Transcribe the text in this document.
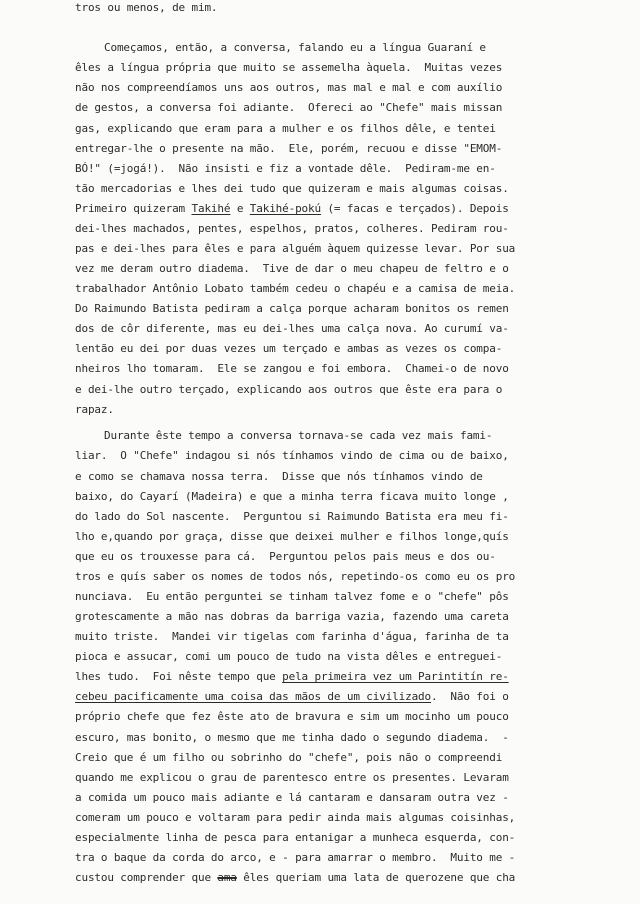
tros ou menos, de mim.
Começamos, então, a conversa, falando eu a língua Guaraní e
êles a língua própria que muito se assemelha àquela.  Muitas vezes
não nos compreendíamos uns aos outros, mas mal e mal e com auxílio
de gestos, a conversa foi adiante.  Ofereci ao "Chefe" mais missan
gas, explicando que eram para a mulher e os filhos dêle, e tentei
entregar-lhe o presente na mão.  Ele, porém, recuou e disse "EMOM-
BÓ!" (=jogá!).  Não insisti e fiz a vontade dêle.  Pediram-me en-
tão mercadorias e lhes dei tudo que quizeram e mais algumas coisas.
Primeiro quizeram Takihé e Takihé-pokú (= facas e terçados). Depois
dei-lhes machados, pentes, espelhos, pratos, colheres. Pediram rou-
pas e dei-lhes para êles e para alguém àquem quizesse levar. Por sua
vez me deram outro diadema.  Tive de dar o meu chapeu de feltro e o
trabalhador Antônio Lobato também cedeu o chapéu e a camisa de meia.
Do Raimundo Batista pediram a calça porque acharam bonitos os remen
dos de côr diferente, mas eu dei-lhes uma calça nova. Ao curumí va-
lentão eu dei por duas vezes um terçado e ambas as vezes os compa-
nheiros lho tomaram.  Ele se zangou e foi embora.  Chamei-o de novo
e dei-lhe outro terçado, explicando aos outros que êste era para o
rapaz.
Durante êste tempo a conversa tornava-se cada vez mais fami-
liar.  O "Chefe" indagou si nós tínhamos vindo de cima ou de baixo,
e como se chamava nossa terra.  Disse que nós tínhamos vindo de
baixo, do Cayarí (Madeira) e que a minha terra ficava muito longe ,
do lado do Sol nascente.  Perguntou si Raimundo Batista era meu fi-
lho e,quando por graça, disse que deixei mulher e filhos longe,quís
que eu os trouxesse para cá.  Perguntou pelos pais meus e dos ou-
tros e quís saber os nomes de todos nós, repetindo-os como eu os pro
nunciava.  Eu então perguntei se tinham talvez fome e o "chefe" pôs
grotescamente a mão nas dobras da barriga vazia, fazendo uma careta
muito triste.  Mandei vir tigelas com farinha d'água, farinha de ta
pioca e assucar, comi um pouco de tudo na vista dêles e entreguei-
lhes tudo.  Foi nêste tempo que pela primeira vez um Parintitín re-
cebeu pacificamente uma coisa das mãos de um civilizado.  Não foi o
próprio chefe que fez êste ato de bravura e sim um mocinho um pouco
escuro, mas bonito, o mesmo que me tinha dado o segundo diadema.  -
Creio que é um filho ou sobrinho do "chefe", pois não o compreendi
quando me explicou o grau de parentesco entre os presentes. Levaram
a comida um pouco mais adiante e lá cantaram e dansaram outra vez -
comeram um pouco e voltaram para pedir ainda mais algumas coisinhas,
especialmente linha de pesca para entanigar a munheca esquerda, con-
tra o baque da corda do arco, e - para amarrar o membro.  Muito me -
custou comprender que ama êles queriam uma lata de querozene que cha
